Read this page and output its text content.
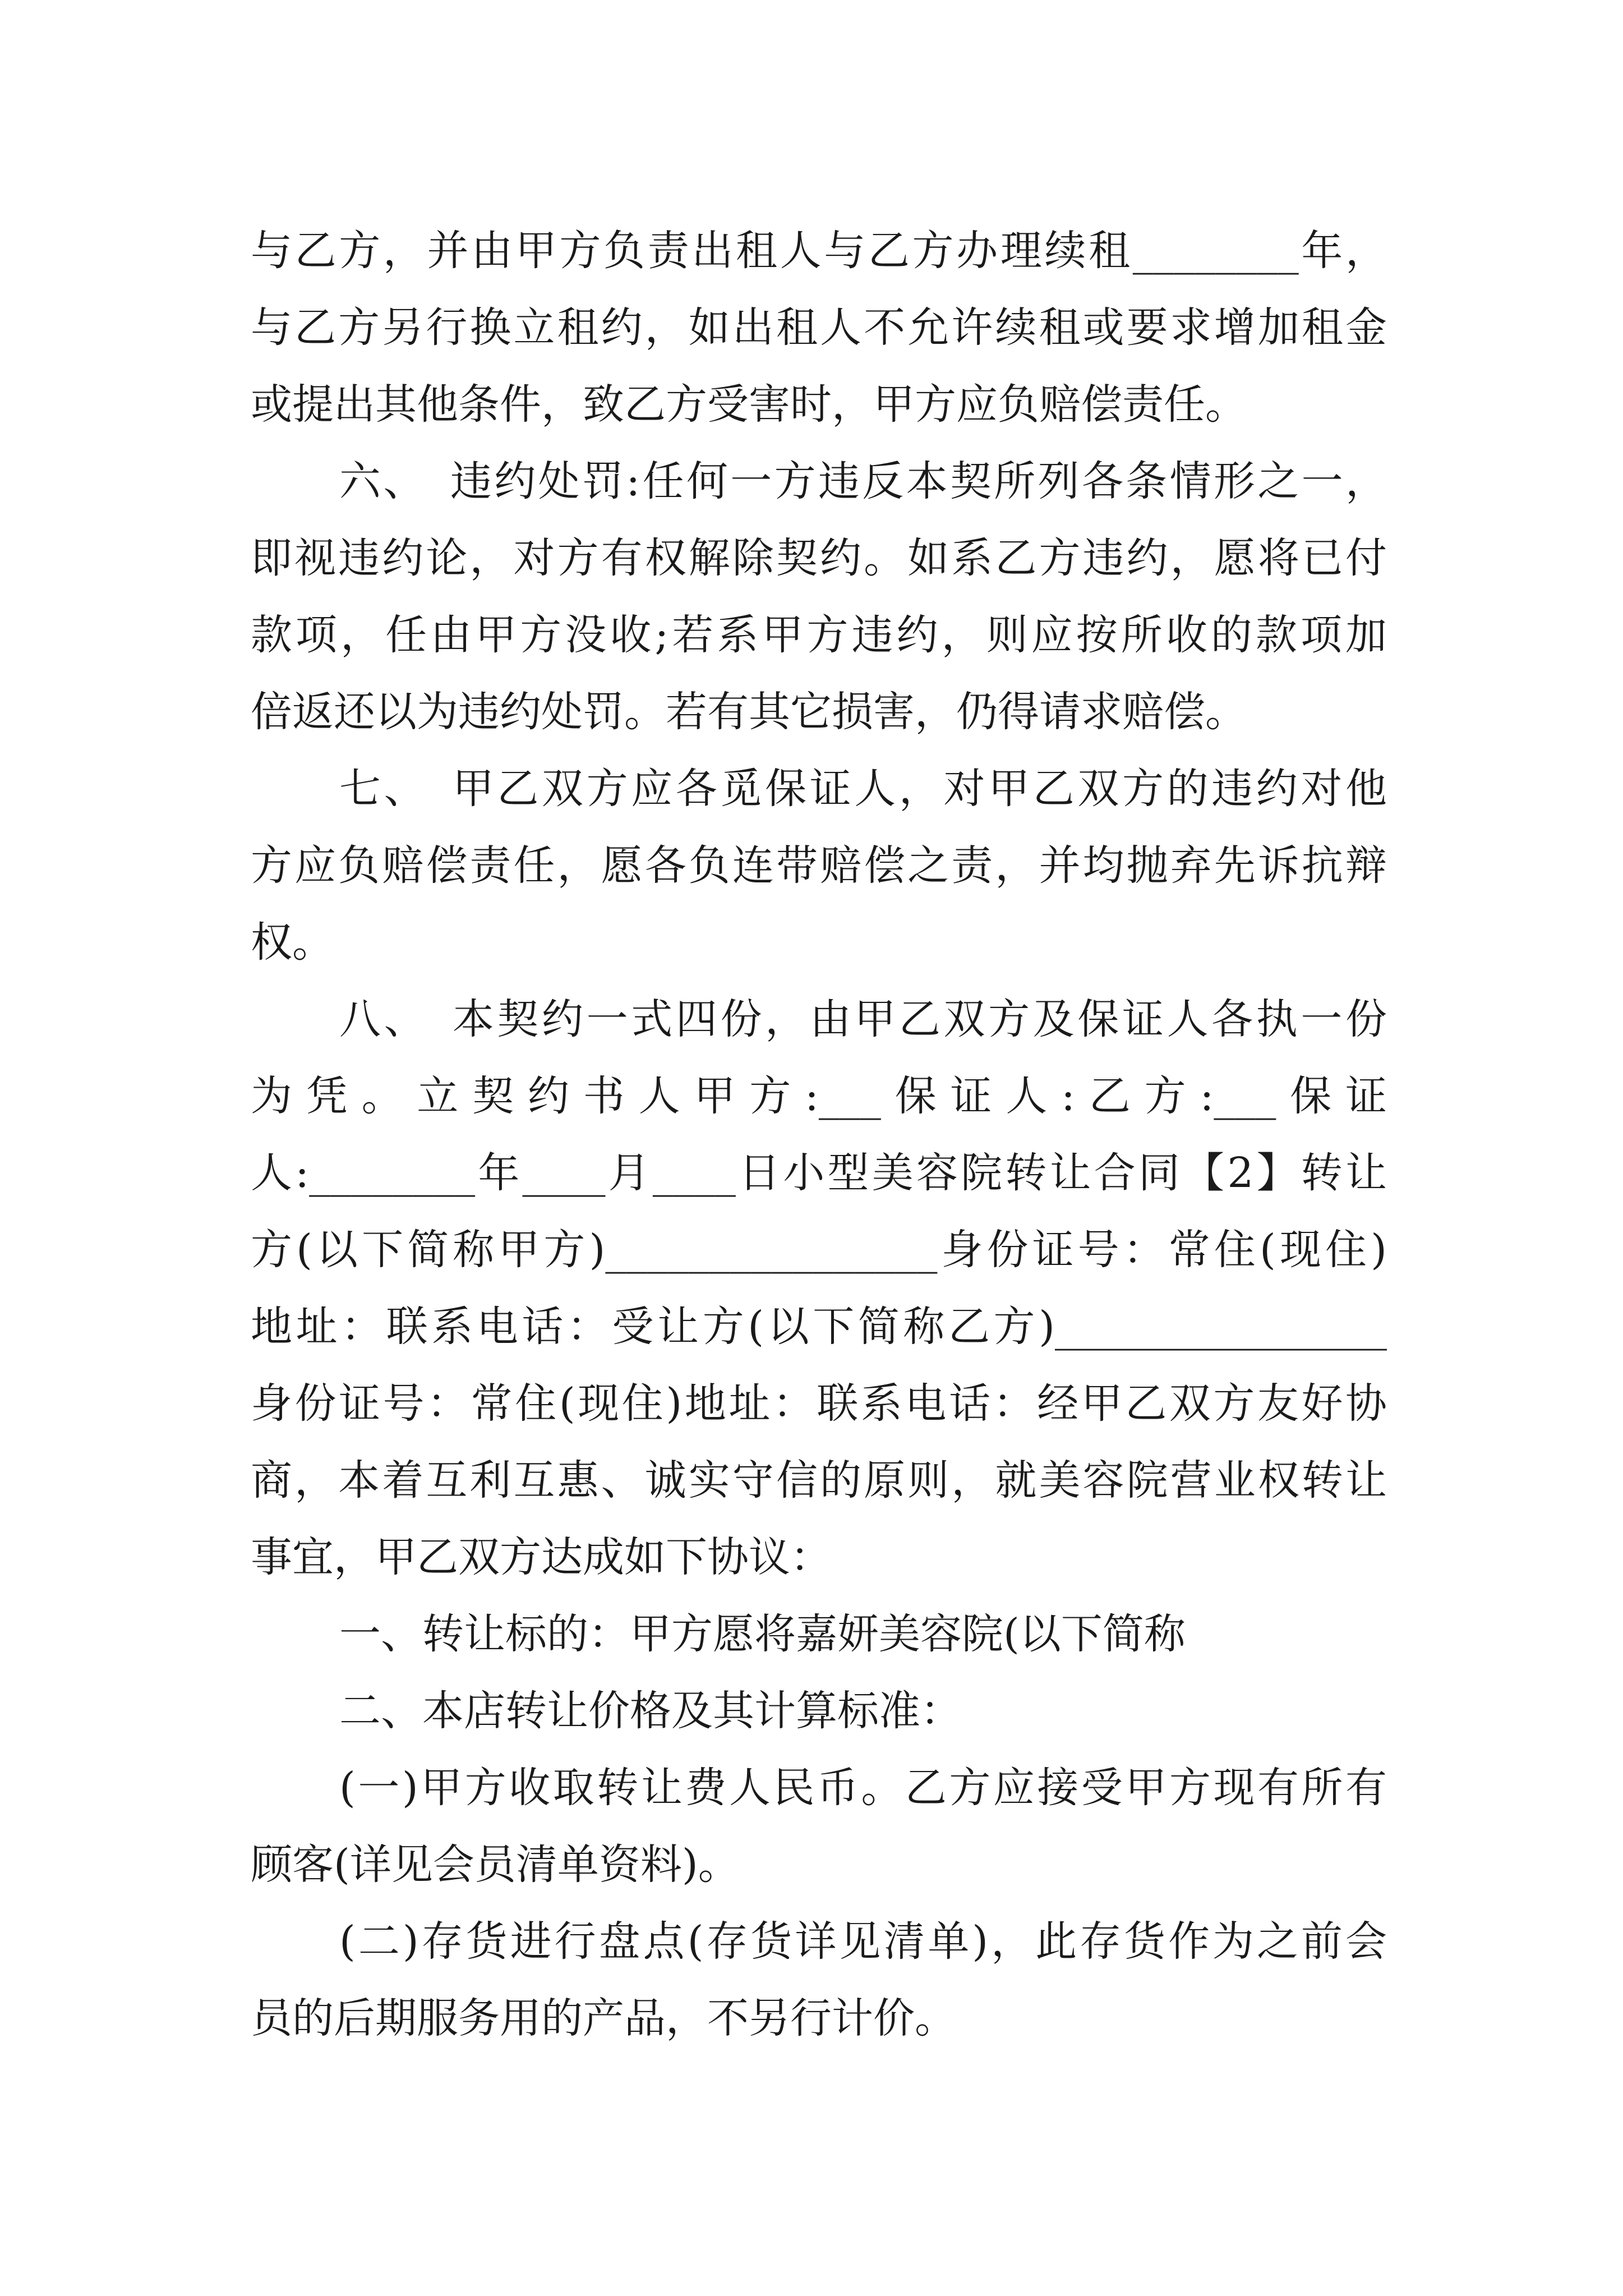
与乙方，并由甲方负责出租人与乙方办理续租________年，
与乙方另行换立租约，如出租人不允许续租或要求增加租金
或提出其他条件，致乙方受害时，甲方应负赔偿责任。
六、　违约处罚:任何一方违反本契所列各条情形之一，
即视违约论，对方有权解除契约。如系乙方违约，愿将已付
款项，任由甲方没收;若系甲方违约，则应按所收的款项加
倍返还以为违约处罚。若有其它损害，仍得请求赔偿。
七、　甲乙双方应各觅保证人，对甲乙双方的违约对他
方应负赔偿责任，愿各负连带赔偿之责，并均抛弃先诉抗辩
权。
八、　本契约一式四份，由甲乙双方及保证人各执一份
为凭。立契约书人甲方:___保证人:乙方:___保证
人:________年____月____日小型美容院转让合同【2】转让
方(以下简称甲方)________________身份证号：常住(现住)
地址：联系电话：受让方(以下简称乙方)________________
身份证号：常住(现住)地址：联系电话：经甲乙双方友好协
商，本着互利互惠、诚实守信的原则，就美容院营业权转让
事宜，甲乙双方达成如下协议：
一、转让标的：甲方愿将嘉妍美容院(以下简称
二、本店转让价格及其计算标准：
(一)甲方收取转让费人民币。乙方应接受甲方现有所有
顾客(详见会员清单资料)。
(二)存货进行盘点(存货详见清单)，此存货作为之前会
员的后期服务用的产品，不另行计价。
